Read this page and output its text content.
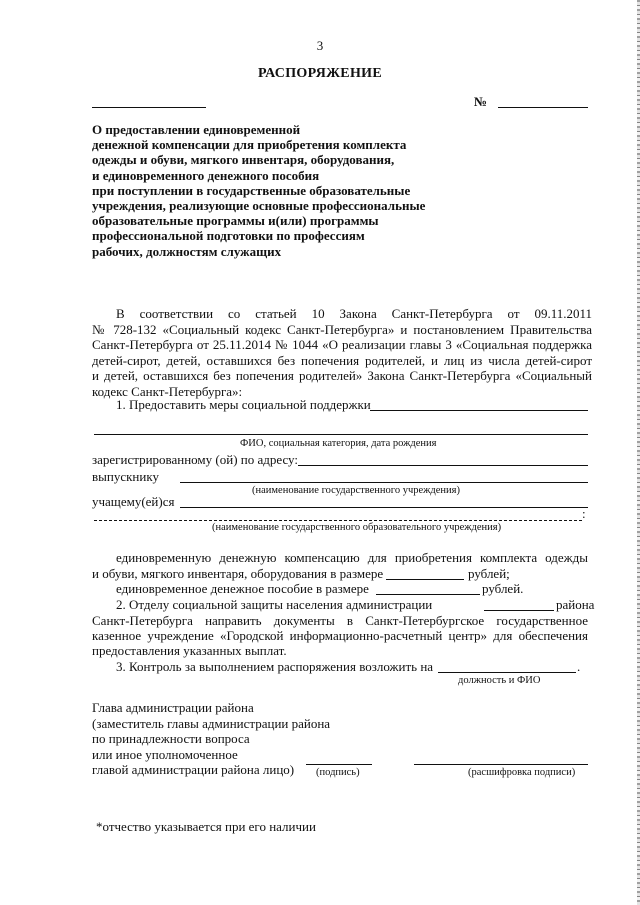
3
РАСПОРЯЖЕНИЕ
№
О предоставлении единовременной
денежной компенсации для приобретения комплекта
одежды и обуви, мягкого инвентаря, оборудования,
и единовременного денежного пособия
при поступлении в государственные образовательные
учреждения, реализующие основные профессиональные
образовательные программы и(или) программы
профессиональной подготовки по профессиям
рабочих, должностям служащих
В соответствии со статьей 10 Закона Санкт-Петербурга от 09.11.2011
№ 728-132 «Социальный кодекс Санкт-Петербурга» и постановлением Правительства
Санкт-Петербурга от 25.11.2014 № 1044 «О реализации главы 3 «Социальная поддержка
детей-сирот, детей, оставшихся без попечения родителей, и лиц из числа детей-сирот
и детей, оставшихся без попечения родителей» Закона Санкт-Петербурга «Социальный
кодекс Санкт-Петербурга»:
1. Предоставить меры социальной поддержки
ФИО, социальная категория, дата рождения
зарегистрированному (ой) по адресу:
выпускнику
(наименование государственного учреждения)
учащему(ей)ся
:
(наименование государственного образовательного учреждения)
единовременную денежную компенсацию для приобретения комплекта одежды
и обуви, мягкого инвентаря, оборудования в размере	рублей;
единовременное денежное пособие в размере	рублей.
2. Отделу социальной защиты населения администрации	района
Санкт-Петербурга направить документы в Санкт-Петербургское государственное
казенное учреждение «Городской информационно-расчетный центр» для обеспечения
предоставления указанных выплат.
3. Контроль за выполнением распоряжения возложить на	.
должность и ФИО
Глава администрации района
(заместитель главы администрации района
по принадлежности вопроса
или иное уполномоченное
главой администрации района лицо)	(подпись)	(расшифровка подписи)
*отчество указывается при его наличии
